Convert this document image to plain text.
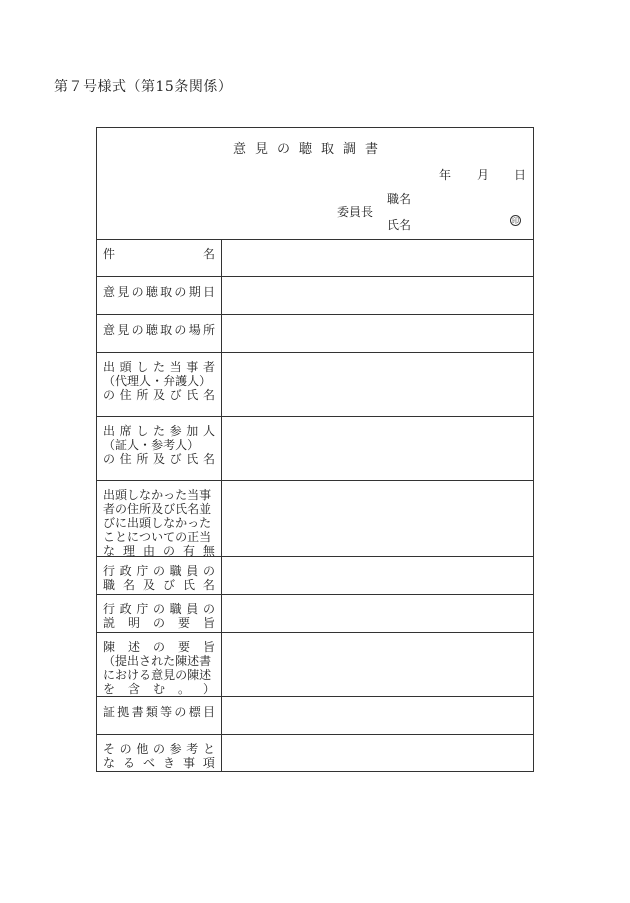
第７号様式（第15条関係）
意見の聴取調書
年 月 日
職名
委員長
氏名	印
件	名
意 見 の 聴 取 の 期 日
意 見 の 聴 取 の 場 所
出 頭 し た 当 事 者
（ 代 理 人 ・ 弁 護 人 ）
の 住 所 及 び 氏 名
出 席 し た 参 加 人
（ 証 人 ・ 参 考 人 ）
の 住 所 及 び 氏 名
出 頭 し な か っ た 当 事
者 の 住 所 及 び 氏 名 並
び に 出 頭 し な か っ た
こ と に つ い て の 正 当
な 理 由 の 有 無
行 政 庁 の 職 員 の
職 名 及 び 氏 名
行 政 庁 の 職 員 の
説 明 の 要 旨
陳 述 の 要 旨
（ 提 出 さ れ た 陳 述 書
に お け る 意 見 の 陳 述
を 含 む 。 ）
証 拠 書 類 等 の 標 目
そ の 他 の 参 考 と
な る べ き 事 項
